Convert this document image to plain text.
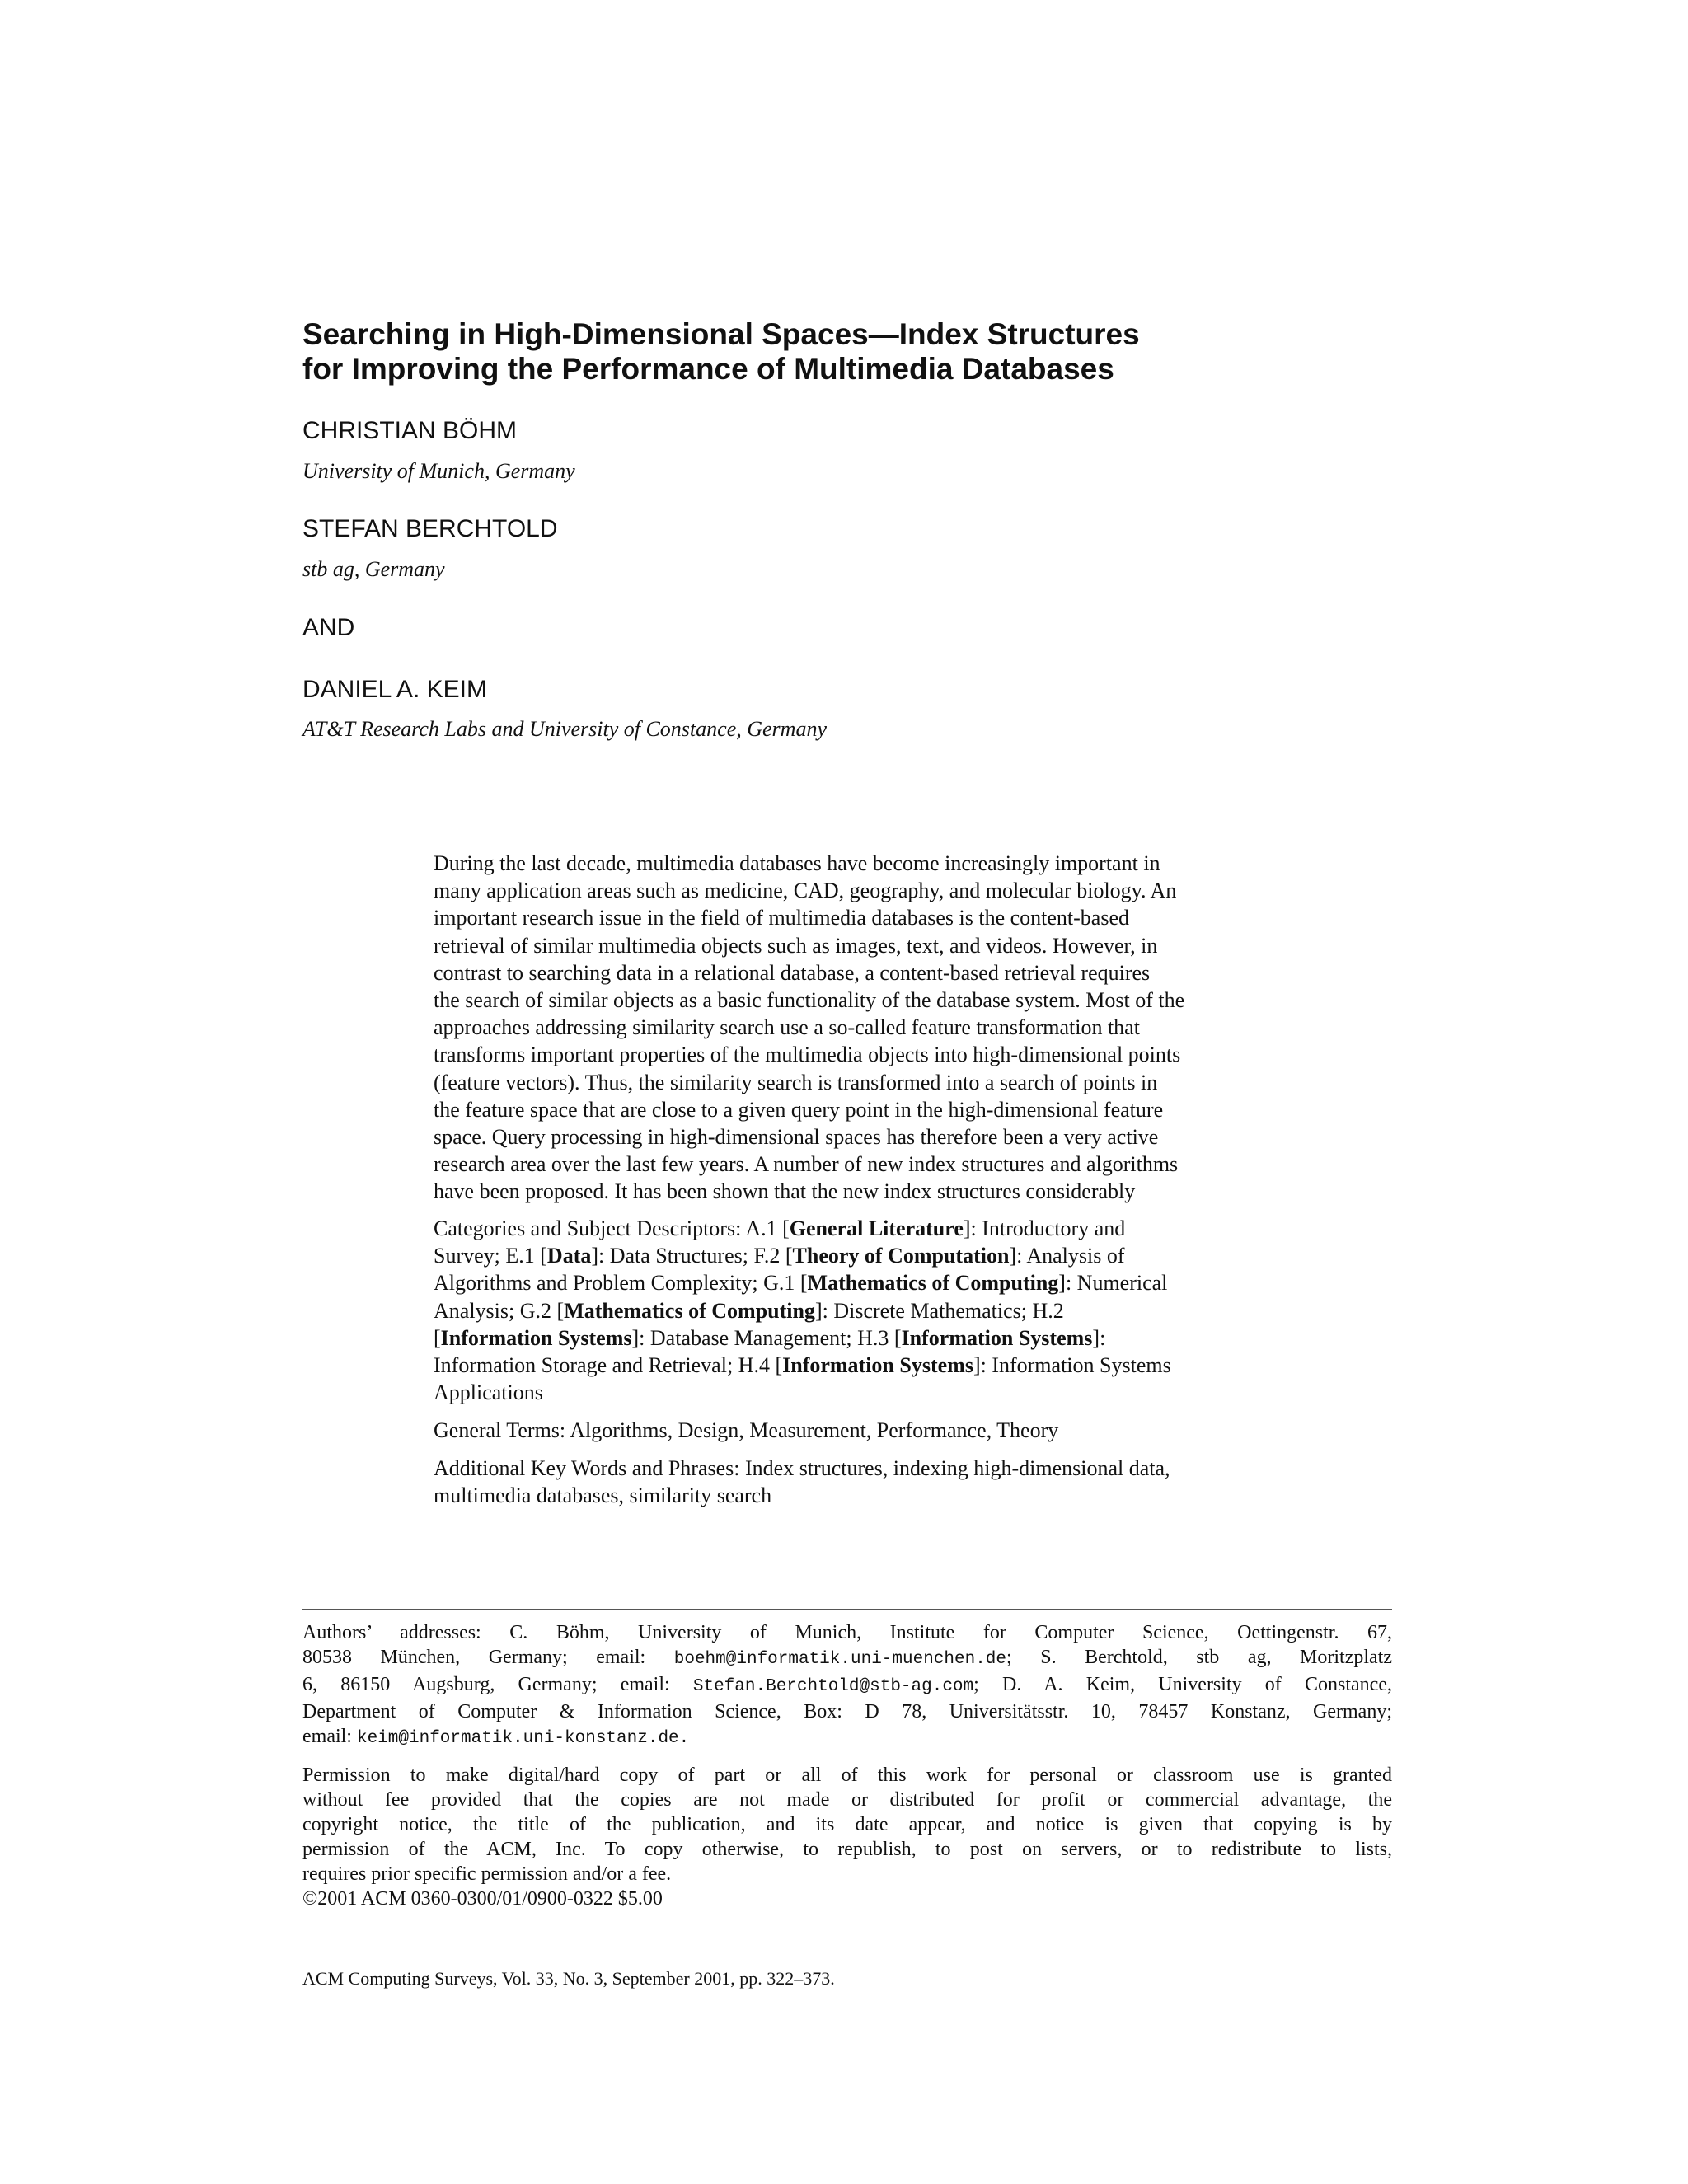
Searching in High-Dimensional Spaces—Index Structures
for Improving the Performance of Multimedia Databases

CHRISTIAN BÖHM

University of Munich, Germany

STEFAN BERCHTOLD

stb ag, Germany

AND

DANIEL A. KEIM

AT&T Research Labs and University of Constance, Germany

During the last decade, multimedia databases have become increasingly important in
many application areas such as medicine, CAD, geography, and molecular biology. An
important research issue in the field of multimedia databases is the content-based
retrieval of similar multimedia objects such as images, text, and videos. However, in
contrast to searching data in a relational database, a content-based retrieval requires
the search of similar objects as a basic functionality of the database system. Most of the
approaches addressing similarity search use a so-called feature transformation that
transforms important properties of the multimedia objects into high-dimensional points
(feature vectors). Thus, the similarity search is transformed into a search of points in
the feature space that are close to a given query point in the high-dimensional feature
space. Query processing in high-dimensional spaces has therefore been a very active
research area over the last few years. A number of new index structures and algorithms
have been proposed. It has been shown that the new index structures considerably
Categories and Subject Descriptors: A.1 [General Literature]: Introductory and
Survey; E.1 [Data]: Data Structures; F.2 [Theory of Computation]: Analysis of
Algorithms and Problem Complexity; G.1 [Mathematics of Computing]: Numerical
Analysis; G.2 [Mathematics of Computing]: Discrete Mathematics; H.2
[Information Systems]: Database Management; H.3 [Information Systems]:
Information Storage and Retrieval; H.4 [Information Systems]: Information Systems
Applications

General Terms: Algorithms, Design, Measurement, Performance, Theory

Additional Key Words and Phrases: Index structures, indexing high-dimensional data,
multimedia databases, similarity search
Authors’ addresses: C. Böhm, University of Munich, Institute for Computer Science, Oettingenstr. 67,
80538 München, Germany; email: boehm@informatik.uni-muenchen.de; S. Berchtold, stb ag, Moritzplatz
6, 86150 Augsburg, Germany; email: Stefan.Berchtold@stb-ag.com; D. A. Keim, University of Constance,
Department of Computer & Information Science, Box: D 78, Universitätsstr. 10, 78457 Konstanz, Germany;
email: keim@informatik.uni-konstanz.de.
Permission to make digital/hard copy of part or all of this work for personal or classroom use is granted
without fee provided that the copies are not made or distributed for profit or commercial advantage, the
copyright notice, the title of the publication, and its date appear, and notice is given that copying is by
permission of the ACM, Inc. To copy otherwise, to republish, to post on servers, or to redistribute to lists,
requires prior specific permission and/or a fee.
©2001 ACM 0360-0300/01/0900-0322 $5.00

ACM Computing Surveys, Vol. 33, No. 3, September 2001, pp. 322–373.
